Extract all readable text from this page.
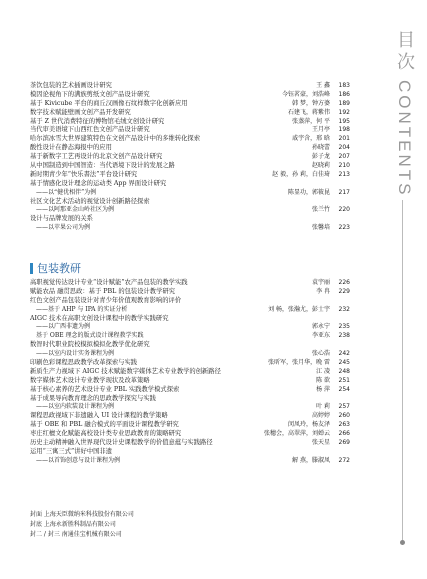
目次
CONTENTS
茶饮包装的艺术插画设计研究	王 鑫	183
模因论视角下的满族剪纸文创产品设计研究	今钰茗豪，刘浩峰	186
基于 Kivicube 平台的商丘汉画像石纹样数字化创新应用	韩 梦，钟方婆	189
数字技术赋能壁画文创产品开发研究	石建飞，蒋紫伟	192
基于 Z 世代消费特征的博物馆毛绒文创设计研究	张蒸萍，何 平	195
当代审美语境下山西红色文创产品设计研究	王月亭	198
哈尔滨冰雪大世界建筑特色在文创产品设计中的多维转化探索	戚宇含，邢 晗	201
酸性设计在静态海报中的应用	孙晓蕾	204
基于新数字工艺再设计的北京文创产品设计研究	彭子龙	207
从中国制造到中国智造：当代语境下设计的发展之路	赵晓莉	210
新时期青少年“快乐書法”平台设计研究	赵 毅，孙 莉，白佳琦	213
基于情感化设计理念的运动类 App 界面设计研究
——以“健优相伴”为例	陈显功，郭筱昆	217
社区文化艺术活动的视觉设计创新路径探索
——以阿那亚金山岭社区为例	张兰竹	220
设计与品牌发展的关系
——以苹果公司为例	张馨培	223
包装教研
高职视觉传达设计专业“设计赋能”农产品包装的教学实践	袁宇丽	226
赋能农品 融贯思政：基于 PBL 的包装设计教学研究	李 冉	229
红色文创产品包装设计对青少年价值观教育影响的评价
——基于 AHP 与 IPA 的实证分析	刘 畅，张瀚尤，彭士宇	232
AIGC 技术在高职文创设计课程中的教学实践研究
——以广西非遗为例	郭永宁	235
基于 OBE 理念的版式设计课程教学实践	李亚东	238
数智时代职业院校模拟模拟化教学优化研究
——以室内设计实务课程为例	张心浩	242
印刷色彩课程思政教学改革探索与实践	张昕军，张月华，晚 雷	245
新质生产力视域下 AIGC 技术赋能数字媒体艺术专业教学的创新路径	江 凌	248
数字媒体艺术设计专业教学现状及改革策略	陈 欲	251
基于核心素养的艺术设计专业 PBL 实践教学模式探索	杨 萍	254
基于成果导向教育理念的思政教学探究与实践
——以室内软装设计课程为例	叶 莉	257
课程思政视域下非遗融入 UI 设计课程的教学策略	高婷婷	260
基于 OBE 和 PBL 融合模式的平面设计课程教学研究	闵凤玲，杨友泽	263
枣庄红檀文化赋能高校设计类专业思政教育的策略研究	张穗会，高翠萍，刘婵云	266
历史主动精神融入世界现代设计史课程教学的价值意蕴与实践路径	张天星	269
运用“三寓三式”讲好中国非遗
——以首饰创意与设计课程为例	解 燕，滕淑凤	272
封面 上海天臣微纳米科技股份有限公司
封底 上海永新胜科制品有限公司
封二 / 封三 南通佳宝机械有限公司
